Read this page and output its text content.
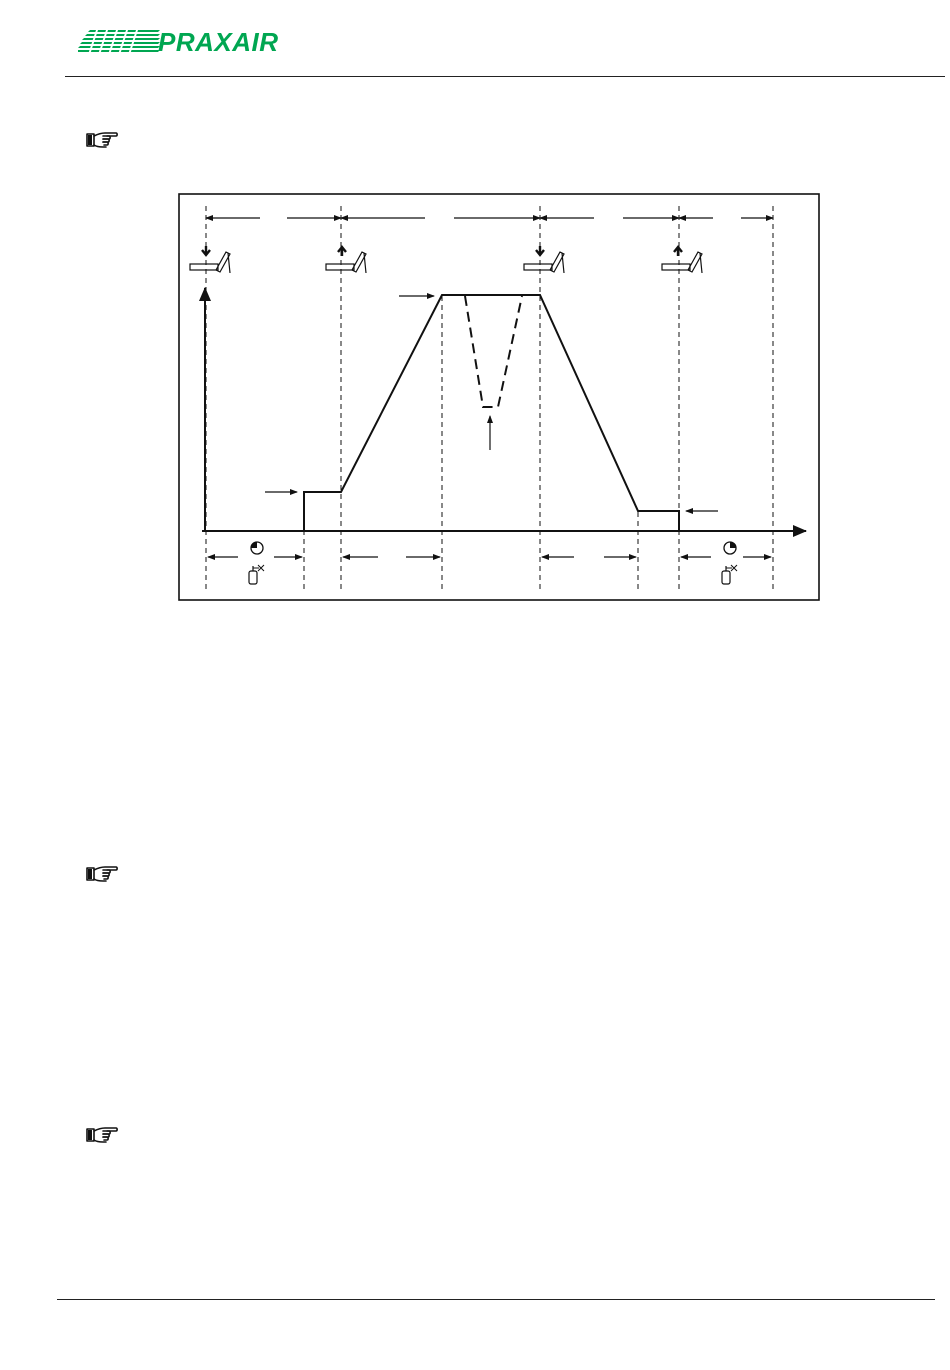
PRAXAIR
